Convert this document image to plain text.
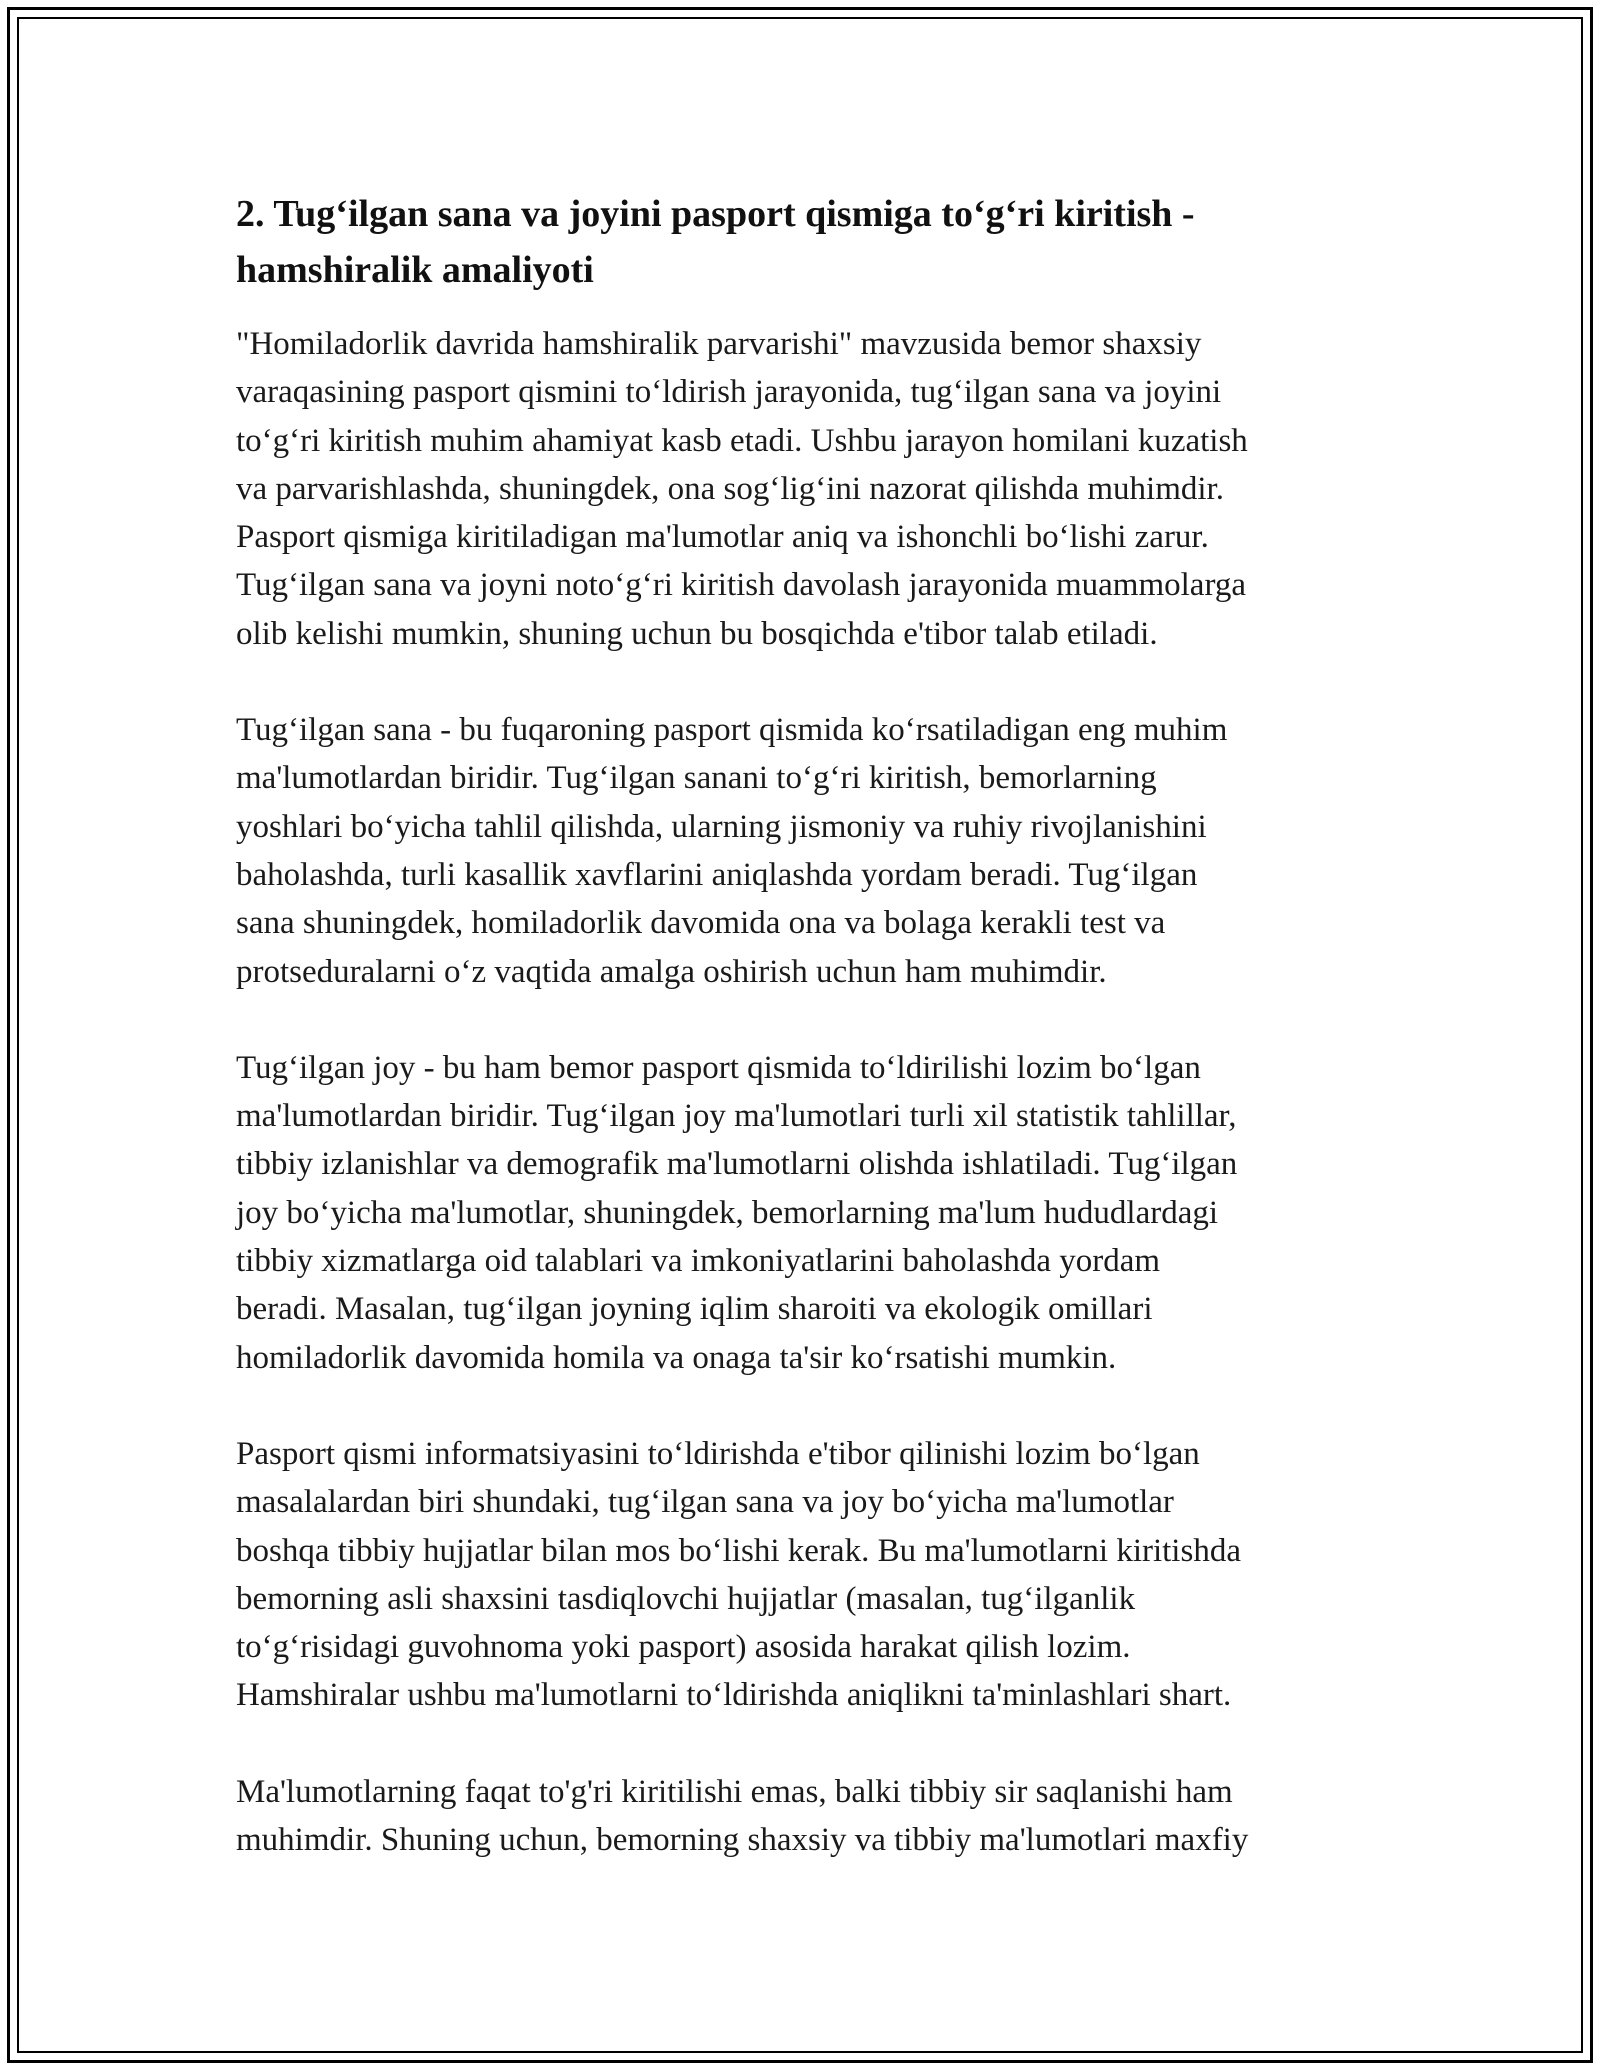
2. Tug‘ilgan sana va joyini pasport qismiga to‘g‘ri kiritish -
hamshiralik amaliyoti

"Homiladorlik davrida hamshiralik parvarishi" mavzusida bemor shaxsiy
varaqasining pasport qismini to‘ldirish jarayonida, tug‘ilgan sana va joyini
to‘g‘ri kiritish muhim ahamiyat kasb etadi. Ushbu jarayon homilani kuzatish
va parvarishlashda, shuningdek, ona sog‘lig‘ini nazorat qilishda muhimdir.
Pasport qismiga kiritiladigan ma'lumotlar aniq va ishonchli bo‘lishi zarur.
Tug‘ilgan sana va joyni noto‘g‘ri kiritish davolash jarayonida muammolarga
olib kelishi mumkin, shuning uchun bu bosqichda e'tibor talab etiladi.

Tug‘ilgan sana - bu fuqaroning pasport qismida ko‘rsatiladigan eng muhim
ma'lumotlardan biridir. Tug‘ilgan sanani to‘g‘ri kiritish, bemorlarning
yoshlari bo‘yicha tahlil qilishda, ularning jismoniy va ruhiy rivojlanishini
baholashda, turli kasallik xavflarini aniqlashda yordam beradi. Tug‘ilgan
sana shuningdek, homiladorlik davomida ona va bolaga kerakli test va
protseduralarni o‘z vaqtida amalga oshirish uchun ham muhimdir.

Tug‘ilgan joy - bu ham bemor pasport qismida to‘ldirilishi lozim bo‘lgan
ma'lumotlardan biridir. Tug‘ilgan joy ma'lumotlari turli xil statistik tahlillar,
tibbiy izlanishlar va demografik ma'lumotlarni olishda ishlatiladi. Tug‘ilgan
joy bo‘yicha ma'lumotlar, shuningdek, bemorlarning ma'lum hududlardagi
tibbiy xizmatlarga oid talablari va imkoniyatlarini baholashda yordam
beradi. Masalan, tug‘ilgan joyning iqlim sharoiti va ekologik omillari
homiladorlik davomida homila va onaga ta'sir ko‘rsatishi mumkin.

Pasport qismi informatsiyasini to‘ldirishda e'tibor qilinishi lozim bo‘lgan
masalalardan biri shundaki, tug‘ilgan sana va joy bo‘yicha ma'lumotlar
boshqa tibbiy hujjatlar bilan mos bo‘lishi kerak. Bu ma'lumotlarni kiritishda
bemorning asli shaxsini tasdiqlovchi hujjatlar (masalan, tug‘ilganlik
to‘g‘risidagi guvohnoma yoki pasport) asosida harakat qilish lozim.
Hamshiralar ushbu ma'lumotlarni to‘ldirishda aniqlikni ta'minlashlari shart.

Ma'lumotlarning faqat to'g'ri kiritilishi emas, balki tibbiy sir saqlanishi ham
muhimdir. Shuning uchun, bemorning shaxsiy va tibbiy ma'lumotlari maxfiy
